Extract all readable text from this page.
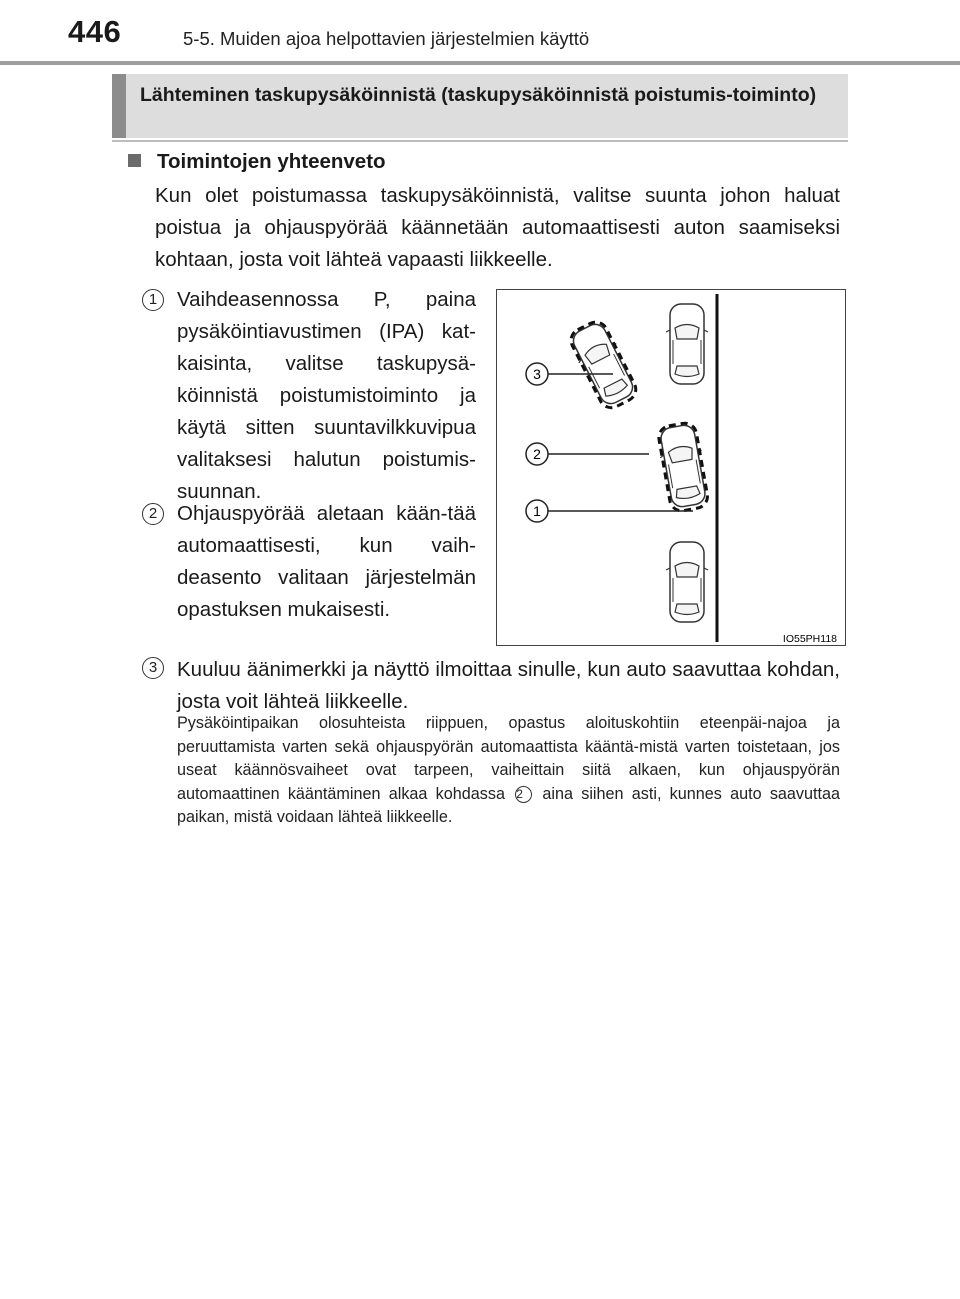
446	5-5. Muiden ajoa helpottavien järjestelmien käyttö
Lähteminen taskupysäköinnistä (taskupysäköinnistä poistumis-toiminto)
Toimintojen yhteenveto
Kun olet poistumassa taskupysäköinnistä, valitse suunta johon haluat poistua ja ohjauspyörää käännetään automaattisesti auton saamiseksi kohtaan, josta voit lähteä vapaasti liikkeelle.
1 Vaihdeasennossa P, paina pysäköintiavustimen (IPA) kat-kaisinta, valitse taskupysä-köinnistä poistumistoiminto ja käytä sitten suuntavilkkuvipua valitaksesi halutun poistumis-suunnan.
2 Ohjauspyörää aletaan kään-tää automaattisesti, kun vaih-deasento valitaan järjestelmän opastuksen mukaisesti.
3
2
1
IO55PH118
3 Kuuluu äänimerkki ja näyttö ilmoittaa sinulle, kun auto saavuttaa kohdan, josta voit lähteä liikkeelle.
Pysäköintipaikan olosuhteista riippuen, opastus aloituskohtiin eteenpäi-najoa ja peruuttamista varten sekä ohjauspyörän automaattista kääntä-mistä varten toistetaan, jos useat käännösvaiheet ovat tarpeen, vaiheittain siitä alkaen, kun ohjauspyörän automaattinen kääntäminen alkaa kohdassa 2 aina siihen asti, kunnes auto saavuttaa paikan, mistä voidaan lähteä liikkeelle.
